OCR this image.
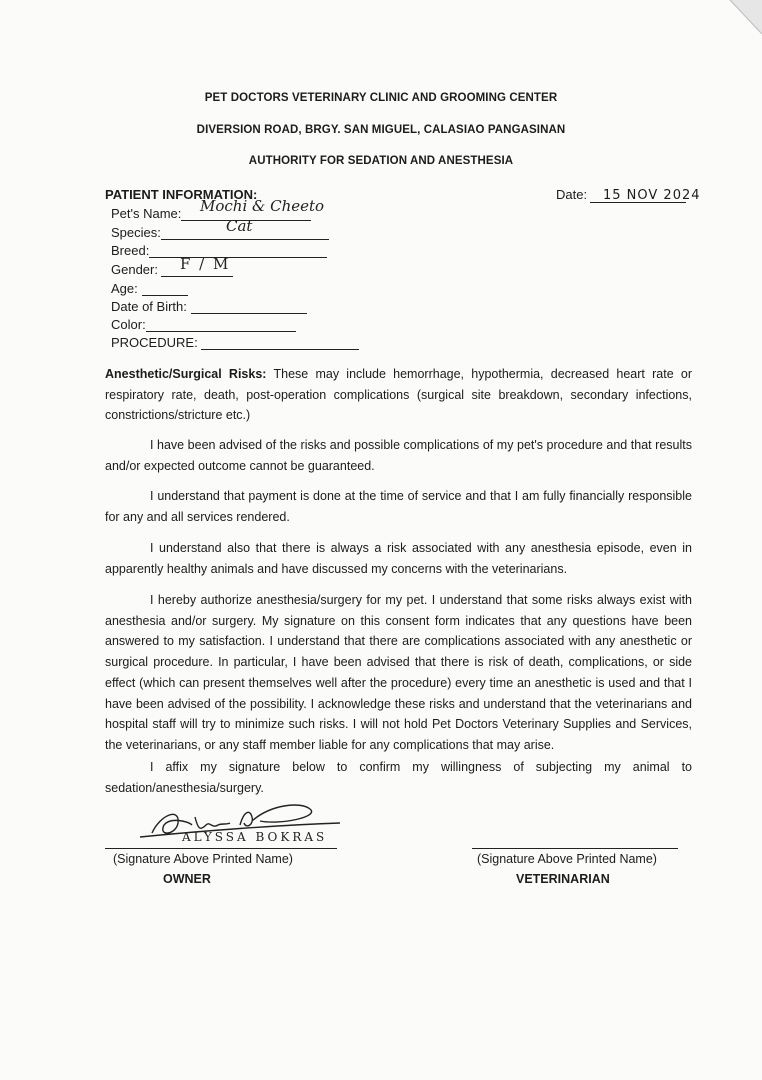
PET DOCTORS VETERINARY CLINIC AND GROOMING CENTER
DIVERSION ROAD, BRGY. SAN MIGUEL, CALASIAO PANGASINAN
AUTHORITY FOR SEDATION AND ANESTHESIA
PATIENT INFORMATION:
Pet's Name:	Mochi & Cheeto
Species:	Cat
Breed:
Gender:	F / M
Age:
Date of Birth:
Color:
PROCEDURE:
Date: 15 NOV 2024
Anesthetic/Surgical Risks: These may include hemorrhage, hypothermia, decreased heart rate or respiratory rate, death, post-operation complications (surgical site breakdown, secondary infections, constrictions/stricture etc.)
I have been advised of the risks and possible complications of my pet's procedure and that results and/or expected outcome cannot be guaranteed.
I understand that payment is done at the time of service and that I am fully financially responsible for any and all services rendered.
I understand also that there is always a risk associated with any anesthesia episode, even in apparently healthy animals and have discussed my concerns with the veterinarians.
I hereby authorize anesthesia/surgery for my pet. I understand that some risks always exist with anesthesia and/or surgery. My signature on this consent form indicates that any questions have been answered to my satisfaction. I understand that there are complications associated with any anesthetic or surgical procedure. In particular, I have been advised that there is risk of death, complications, or side effect (which can present themselves well after the procedure) every time an anesthetic is used and that I have been advised of the possibility. I acknowledge these risks and understand that the veterinarians and hospital staff will try to minimize such risks. I will not hold Pet Doctors Veterinary Supplies and Services, the veterinarians, or any staff member liable for any complications that may arise.
I affix my signature below to confirm my willingness of subjecting my animal to sedation/anesthesia/surgery.
ALYSSA BOKRAS
(Signature Above Printed Name)
OWNER
(Signature Above Printed Name)
VETERINARIAN
